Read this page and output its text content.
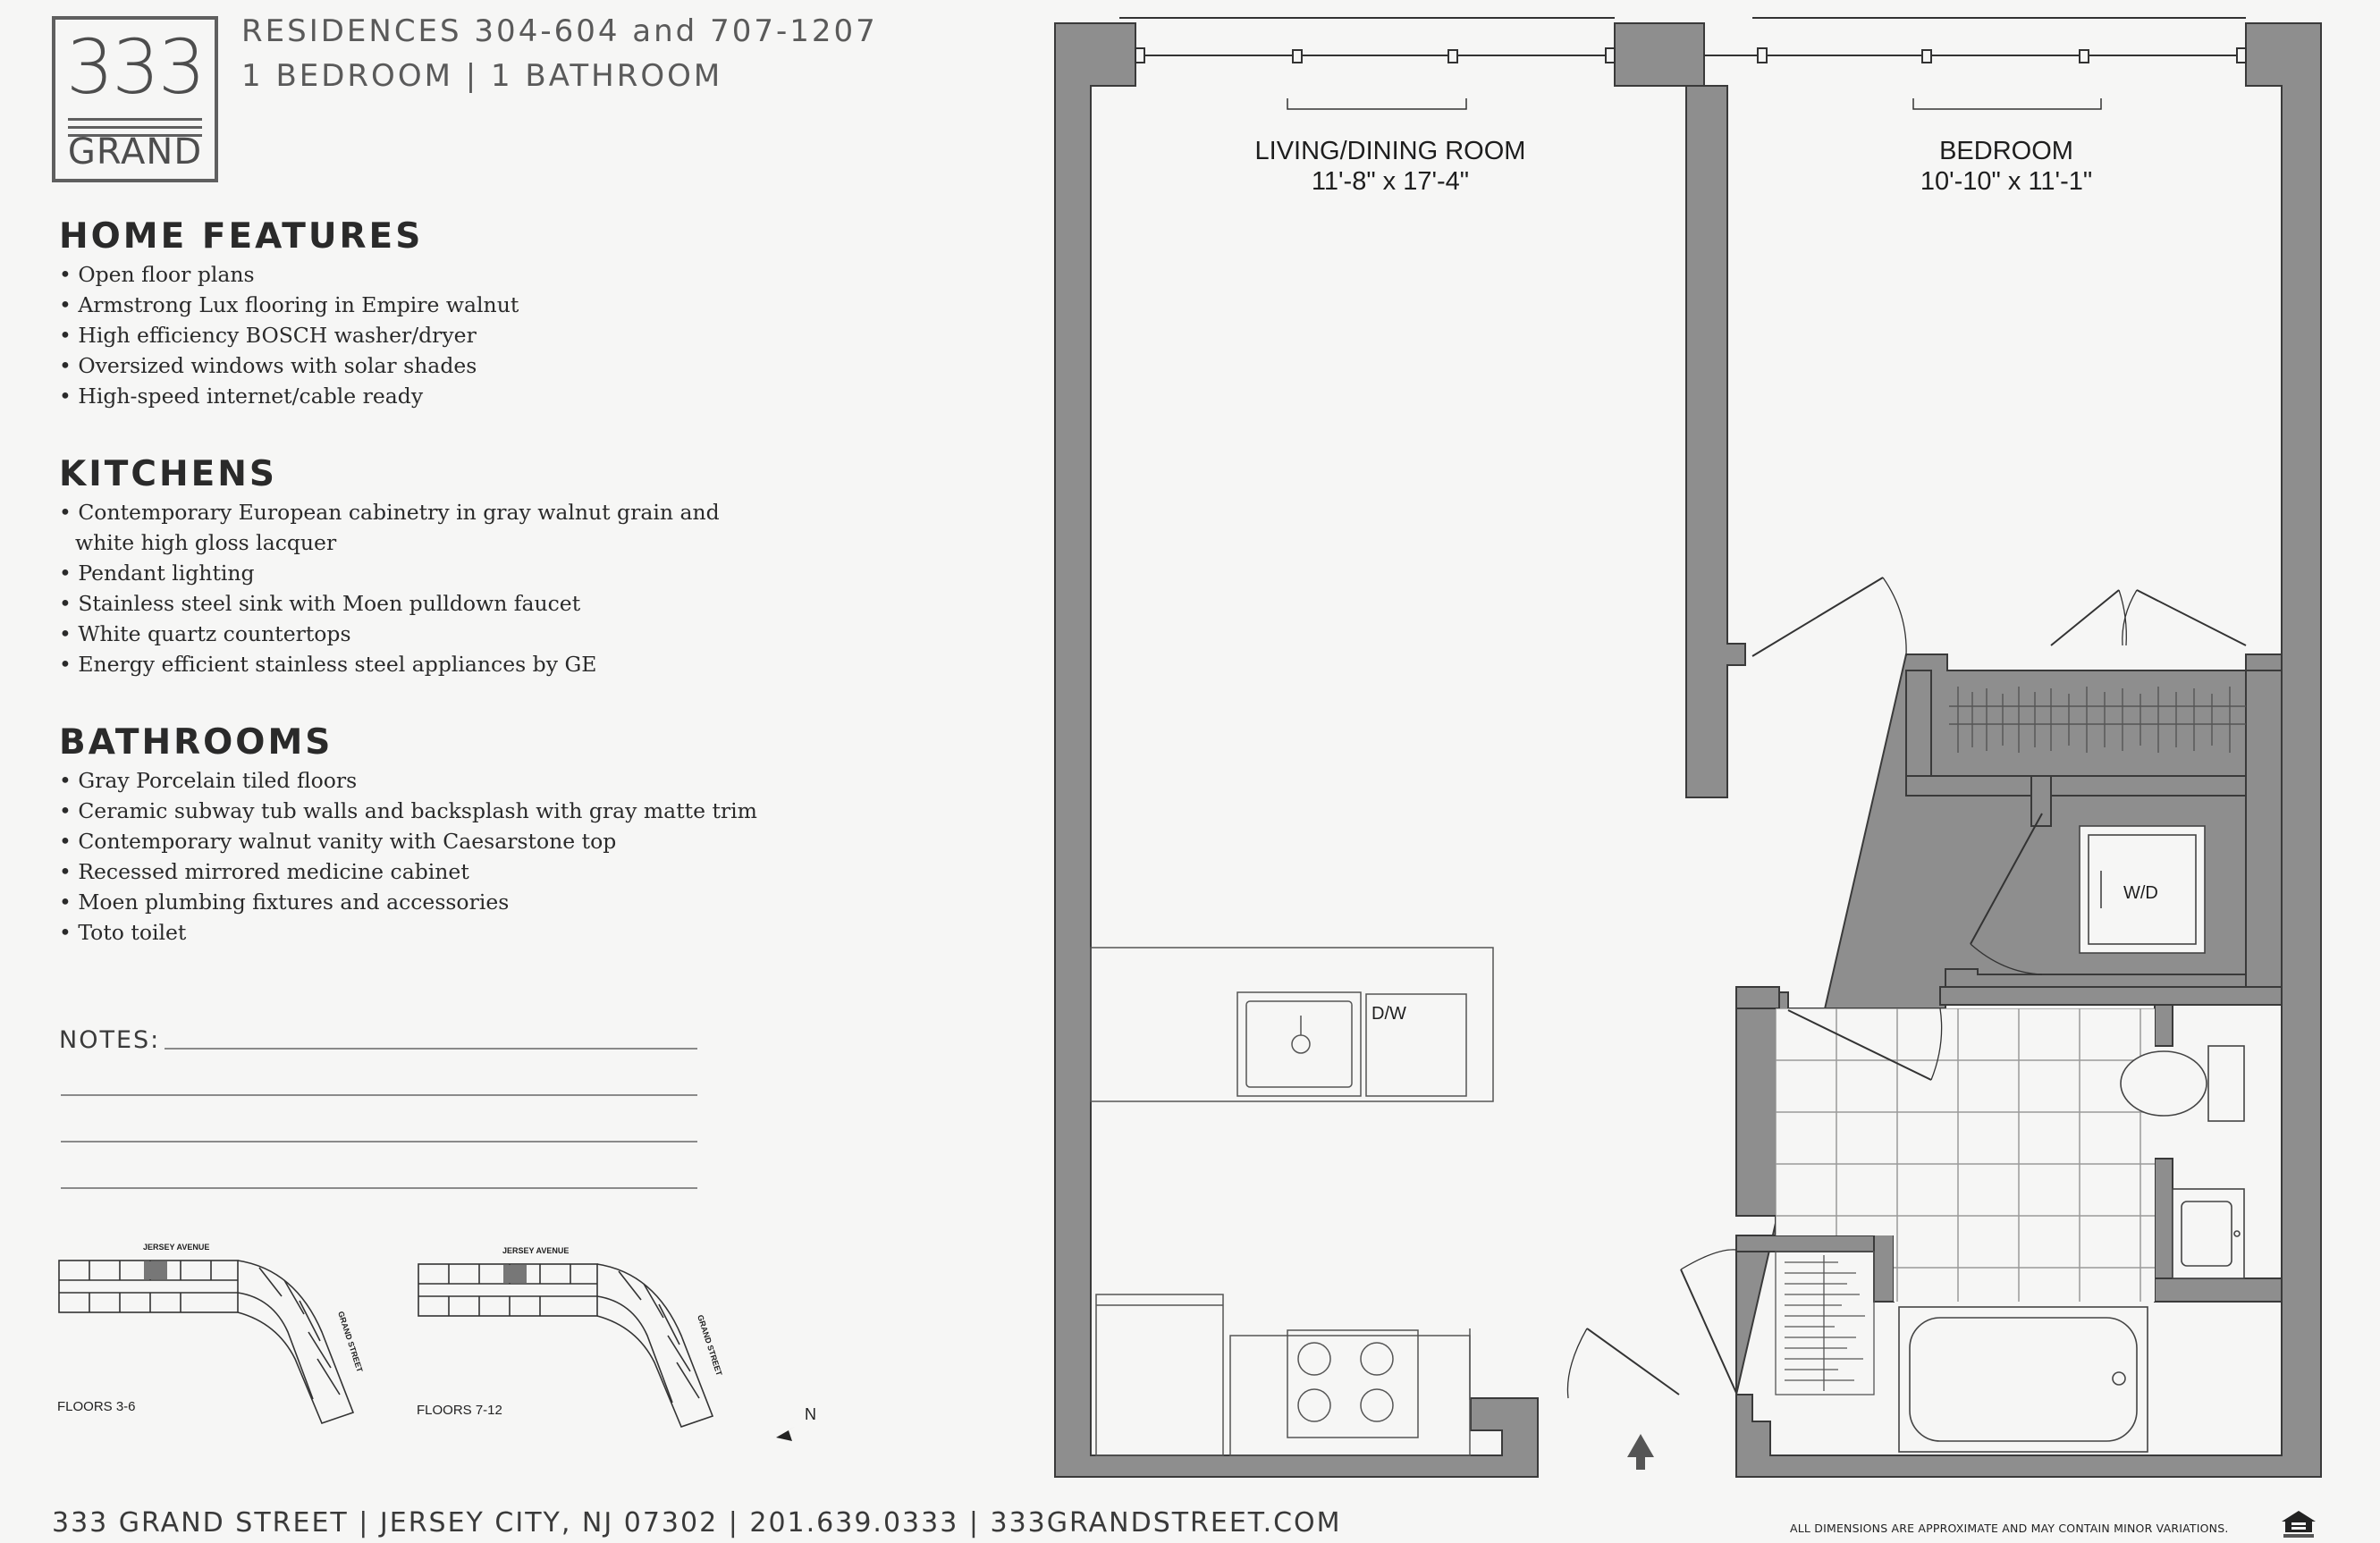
333
GRAND
RESIDENCES 304-604 and 707-1207
1 BEDROOM | 1 BATHROOM
HOME FEATURES
• Open floor plans
• Armstrong Lux flooring in Empire walnut
• High efficiency BOSCH washer/dryer
• Oversized windows with solar shades
• High-speed internet/cable ready
KITCHENS
• Contemporary European cabinetry in gray walnut grain and
white high gloss lacquer
• Pendant lighting
• Stainless steel sink with Moen pulldown faucet
• White quartz countertops
• Energy efficient stainless steel appliances by GE
BATHROOMS
• Gray Porcelain tiled floors
• Ceramic subway tub walls and backsplash with gray matte trim
• Contemporary walnut vanity with Caesarstone top
• Recessed mirrored medicine cabinet
• Moen plumbing fixtures and accessories
• Toto toilet
NOTES:
JERSEY AVENUE
GRAND STREET
FLOORS 3-6
JERSEY AVENUE
GRAND STREET
FLOORS 7-12	N
W/D
D/W
LIVING/DINING ROOM
11'-8" x 17'-4"
BEDROOM
10'-10" x 11'-1"
333 GRAND STREET | JERSEY CITY, NJ 07302 | 201.639.0333 | 333GRANDSTREET.COM	ALL DIMENSIONS ARE APPROXIMATE AND MAY CONTAIN MINOR VARIATIONS.
